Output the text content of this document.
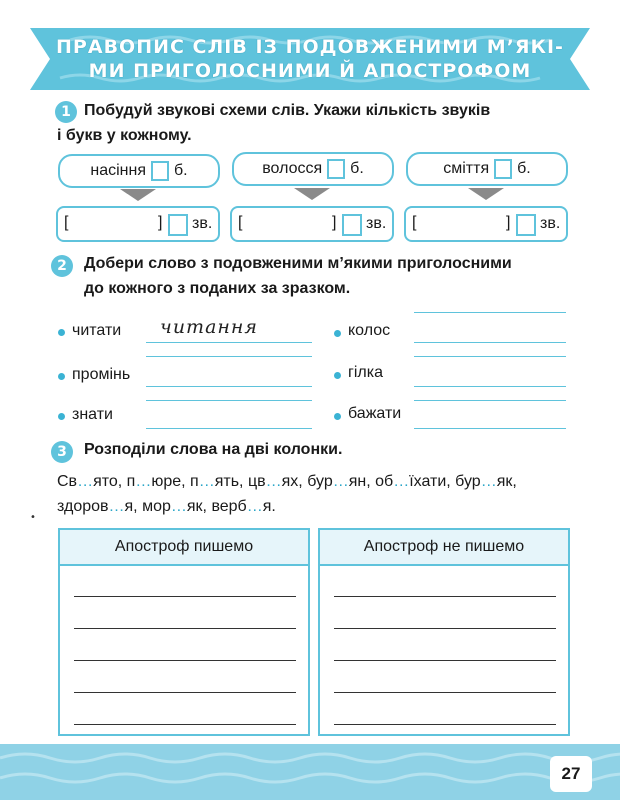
ПРАВОПИС СЛІВ ІЗ ПОДОВЖЕНИМИ М’ЯКІ-
МИ ПРИГОЛОСНИМИ Й АПОСТРОФОМ
1 Побудуй звукові схеми слів. Укажи кількість звуків
і букв у кожному.
насіння б.	волосся б.	сміття б.
[	] зв. [	] зв. [	] зв.
2	Добери слово з подовженими м’якими приголосними
до кожного з поданих за зразком.
читати читання
промінь
знати
колос
гілка
бажати
3	Розподіли слова на дві колонки.
Св…ято, п…юре, п…ять, цв…ях, бур…ян, об…їхати, бур…як,
здоров…я, мор…як, верб…я.
•
Апостроф пишемо	Апостроф не пишемо
27
